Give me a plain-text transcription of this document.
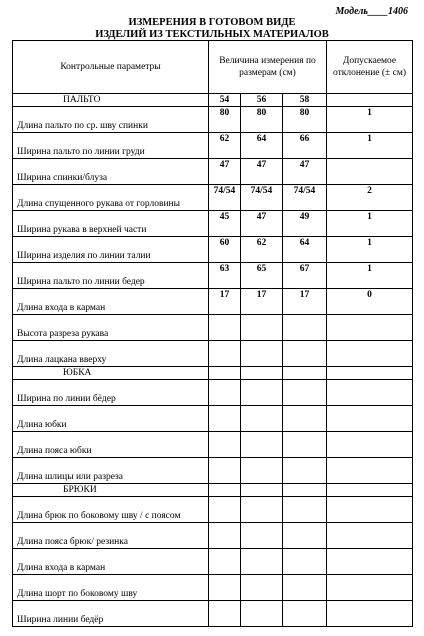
Модель____1406
ИЗМЕРЕНИЯ В ГОТОВОМ ВИДЕ
ИЗДЕЛИЙ ИЗ ТЕКСТИЛЬНЫХ МАТЕРИАЛОВ
Контрольные параметры	Величина измерения по размерам (см)			Допускаемое отклонение (± см)
ПАЛЬТО	54	56	58	
Длина пальто по ср. шву спинки	80	80	80	1
Ширина пальто по линии груди	62	64	66	1
Ширина спинки/блуза	47	47	47	
Длина спущенного рукава от горловины	74/54	74/54	74/54	2
Ширина рукава в верхней части	45	47	49	1
Ширина изделия по линии талии	60	62	64	1
Ширина пальто по линии бедер	63	65	67	1
Длина входа в карман	17	17	17	0
Высота разреза рукава				
Длина лацкана вверху				
ЮБКА				
Ширина по линии бёдер				
Длина юбки				
Длина пояса юбки				
Длина шлицы или разреза				
БРЮКИ				
Длина брюк по боковому шву / с поясом				
Длина пояса брюк/ резинка				
Длина входа в карман				
Длина шорт по боковому шву				
Ширина линии бедёр				
